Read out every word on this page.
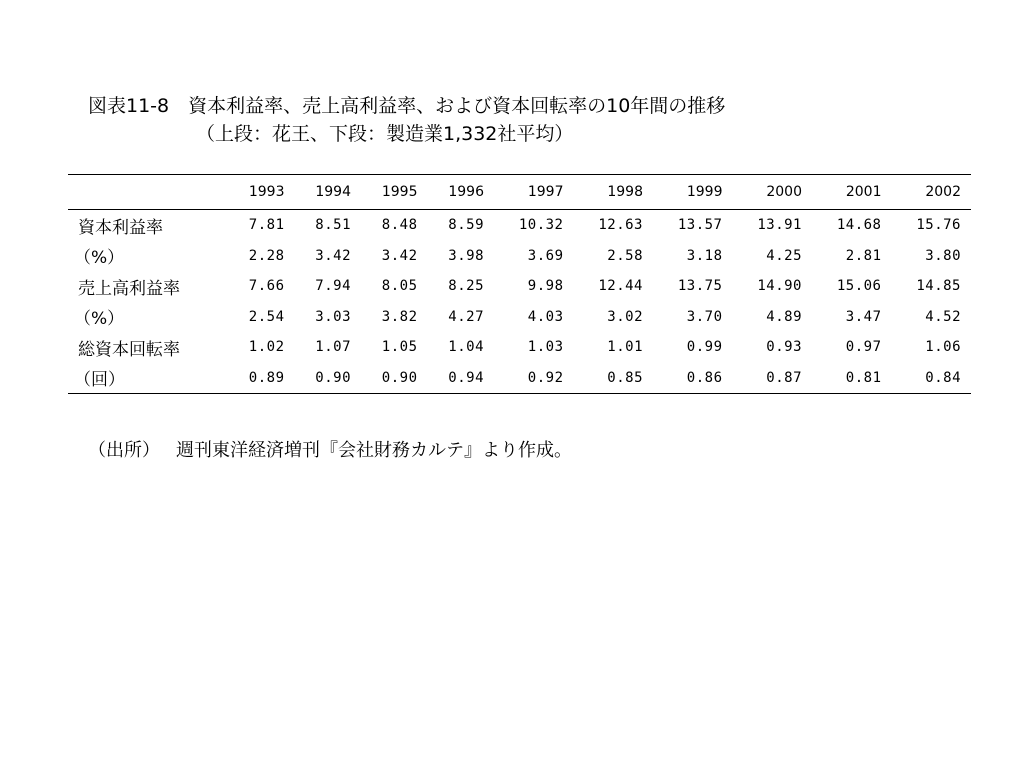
図表11-8　資本利益率、売上高利益率、および資本回転率の10年間の推移
（上段：花王、下段：製造業1,332社平均）
	1993	1994	1995	1996	1997	1998	1999	2000	2001	2002
資本利益率	7.81	8.51	8.48	8.59	10.32	12.63	13.57	13.91	14.68	15.76
（%）	2.28	3.42	3.42	3.98	3.69	2.58	3.18	4.25	2.81	3.80
売上高利益率	7.66	7.94	8.05	8.25	9.98	12.44	13.75	14.90	15.06	14.85
（%）	2.54	3.03	3.82	4.27	4.03	3.02	3.70	4.89	3.47	4.52
総資本回転率	1.02	1.07	1.05	1.04	1.03	1.01	0.99	0.93	0.97	1.06
（回）	0.89	0.90	0.90	0.94	0.92	0.85	0.86	0.87	0.81	0.84

（出所） 週刊東洋経済増刊『会社財務カルテ』より作成。
